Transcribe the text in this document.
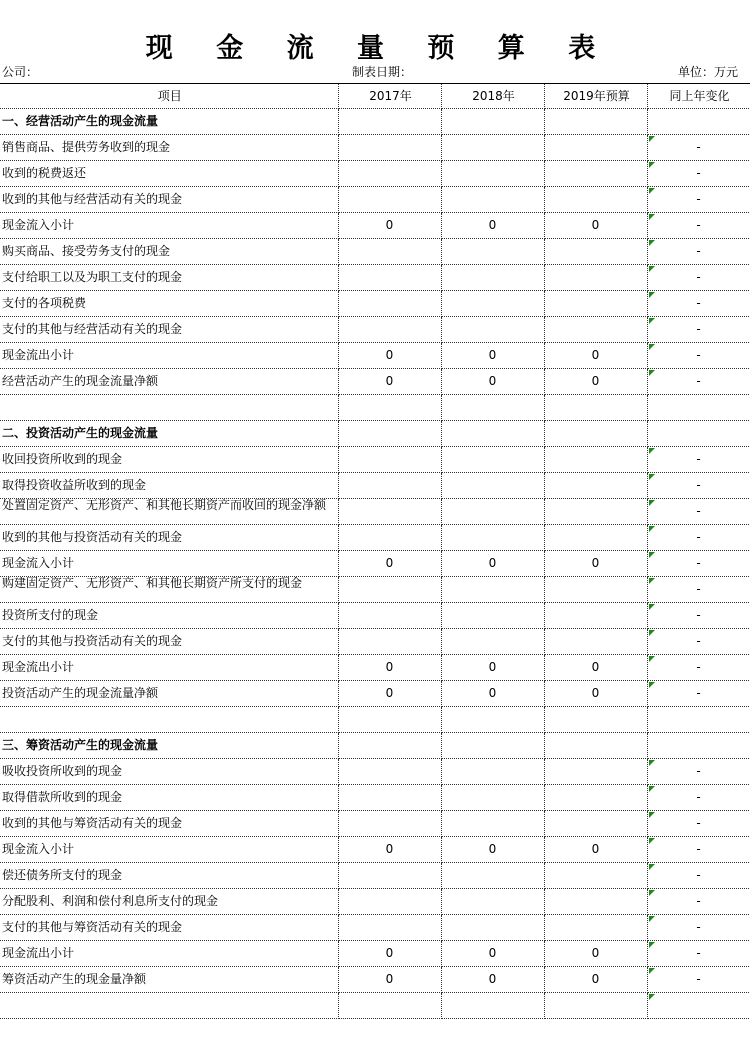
现 金 流 量 预 算 表
公司：	制表日期：	单位：万元
项目	2017年	2018年	2019年预算	同上年变化
一、经营活动产生的现金流量				
销售商品、提供劳务收到的现金				-
收到的税费返还				-
收到的其他与经营活动有关的现金				-
现金流入小计	0	0	0	-
购买商品、接受劳务支付的现金				-
支付给职工以及为职工支付的现金				-
支付的各项税费				-
支付的其他与经营活动有关的现金				-
现金流出小计	0	0	0	-
经营活动产生的现金流量净额	0	0	0	-

二、投资活动产生的现金流量				
收回投资所收到的现金				-
取得投资收益所收到的现金				-
处置固定资产、无形资产、和其他长期资产而收回的现金净额				-
收到的其他与投资活动有关的现金				-
现金流入小计	0	0	0	-
购建固定资产、无形资产、和其他长期资产所支付的现金				-
投资所支付的现金				-
支付的其他与投资活动有关的现金				-
现金流出小计	0	0	0	-
投资活动产生的现金流量净额	0	0	0	-

三、筹资活动产生的现金流量				
吸收投资所收到的现金				-
取得借款所收到的现金				-
收到的其他与筹资活动有关的现金				-
现金流入小计	0	0	0	-
偿还债务所支付的现金				-
分配股利、利润和偿付利息所支付的现金				-
支付的其他与筹资活动有关的现金				-
现金流出小计	0	0	0	-
筹资活动产生的现金量净额	0	0	0	-
